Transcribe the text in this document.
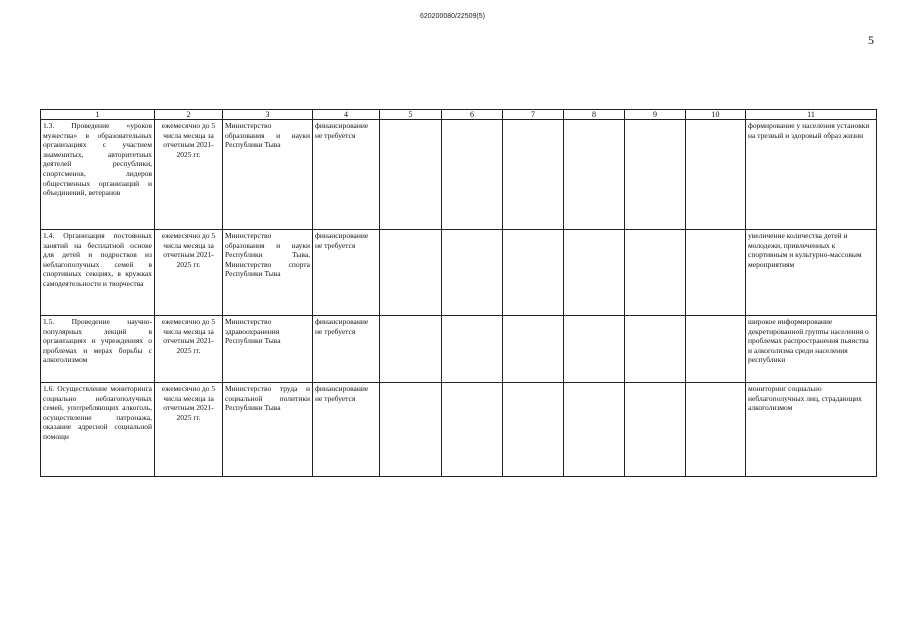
620200080/22509(5)
5
1	2	3	4	5	6	7	8	9	10	11
1.3. Проведение «уроков мужества» в образовательных организациях с участием знаменитых, авторитетных деятелей республики, спортсменов, лидеров общественных организаций и объединений, ветеранов	ежемесячно до 5 числа месяца за отчетным 2021-2025 гг.	Министерство образования и науки Республики Тыва	финансирование не требуется							формирование у населения установки на трезвый и здоровый образ жизни
1.4. Организация постоянных занятий на бесплатной основе для детей и подростков из неблагополучных семей в спортивных секциях, в кружках самодеятельности и творчества	ежемесячно до 5 числа месяца за отчетным 2021-2025 гг.	Министерство образования и науки Республики Тыва, Министерство спорта Республики Тыва	финансирование не требуется							увеличение количества детей и молодежи, привлеченных к спортивным и культурно-массовым мероприятиям
1.5. Проведение научно-популярных лекций в организациях и учреждениях о проблемах и мерах борьбы с алкоголизмом	ежемесячно до 5 числа месяца за отчетным 2021-2025 гг.	Министерство здравоохранения Республики Тыва	финансирование не требуется							широкое информирование декретированной группы населения о проблемах распространения пьянства и алкоголизма среди населения республики
1.6. Осуществление мониторинга социально неблагополучных семей, употребляющих алкоголь, осуществление патронажа, оказание адресной социальной помощи	ежемесячно до 5 числа месяца за отчетным 2021-2025 гг.	Министерство труда и социальной политики Республики Тыва	финансирование не требуется							мониторинг социально неблагополучных лиц, страдающих алкоголизмом
